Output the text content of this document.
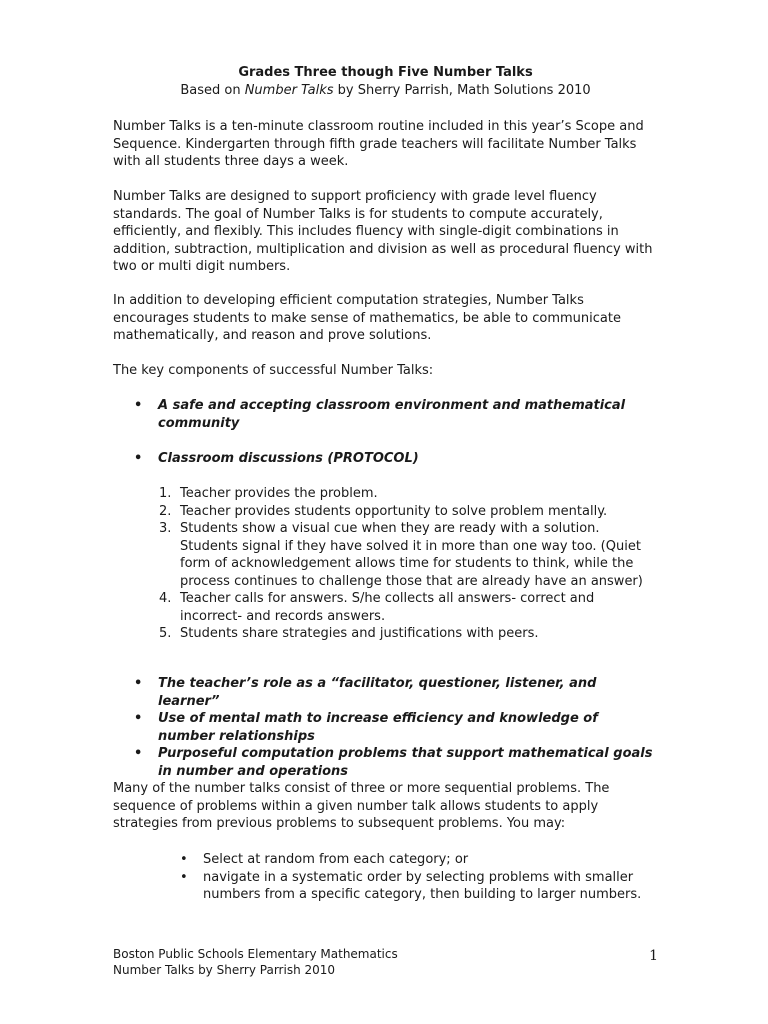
Grades Three though Five Number Talks

Based on Number Talks by Sherry Parrish, Math Solutions 2010

Number Talks is a ten-minute classroom routine included in this year’s Scope and Sequence. Kindergarten through fifth grade teachers will facilitate Number Talks with all students three days a week.

Number Talks are designed to support proficiency with grade level fluency standards. The goal of Number Talks is for students to compute accurately, efficiently, and flexibly. This includes fluency with single-digit combinations in addition, subtraction, multiplication and division as well as procedural fluency with two or multi digit numbers.

In addition to developing efficient computation strategies, Number Talks encourages students to make sense of mathematics, be able to communicate mathematically, and reason and prove solutions.

The key components of successful Number Talks:

• A safe and accepting classroom environment and mathematical community
• Classroom discussions (PROTOCOL)
1. Teacher provides the problem.
2. Teacher provides students opportunity to solve problem mentally.
3. Students show a visual cue when they are ready with a solution. Students signal if they have solved it in more than one way too. (Quiet form of acknowledgement allows time for students to think, while the process continues to challenge those that are already have an answer)
4. Teacher calls for answers. S/he collects all answers- correct and incorrect- and records answers.
5. Students share strategies and justifications with peers.
• The teacher’s role as a “facilitator, questioner, listener, and learner”
• Use of mental math to increase efficiency and knowledge of number relationships
• Purposeful computation problems that support mathematical goals in number and operations

Many of the number talks consist of three or more sequential problems. The sequence of problems within a given number talk allows students to apply strategies from previous problems to subsequent problems. You may:

• Select at random from each category; or
• navigate in a systematic order by selecting problems with smaller numbers from a specific category, then building to larger numbers.
Boston Public Schools Elementary Mathematics
Number Talks by Sherry Parrish 2010
1
